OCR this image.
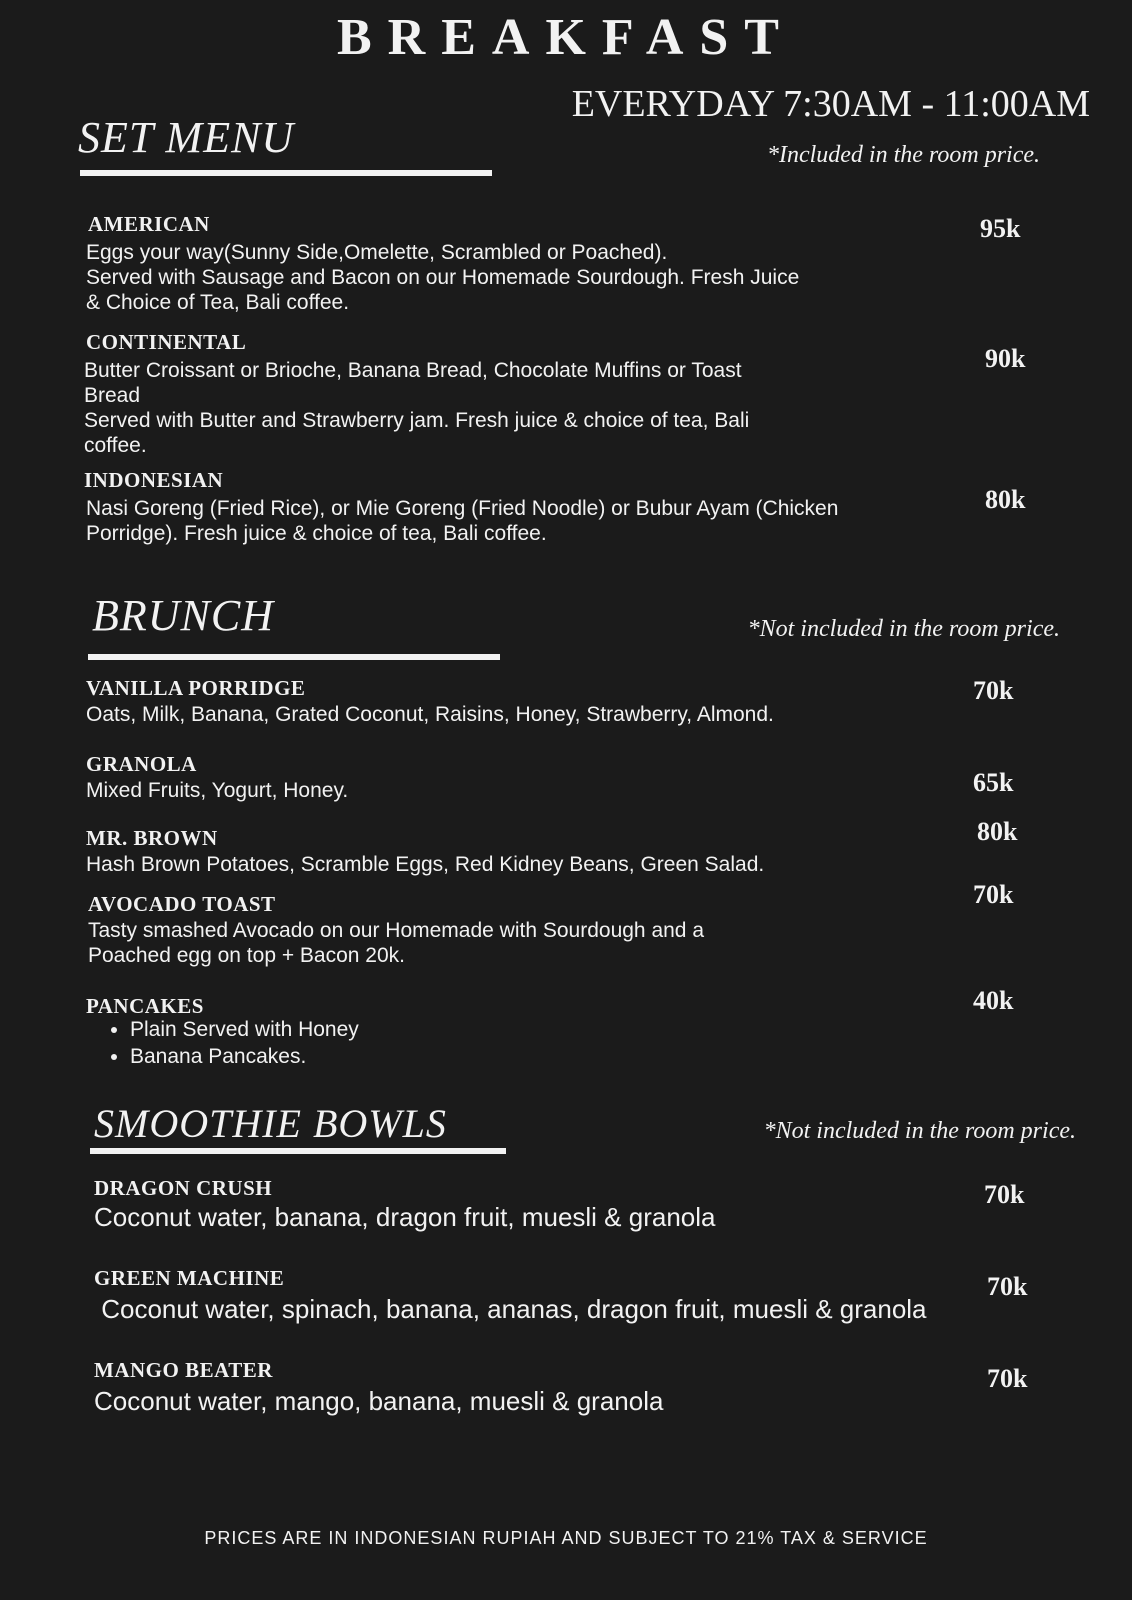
BREAKFAST
EVERYDAY 7:30AM - 11:00AM
SET MENU	*Included in the room price.
AMERICAN
Eggs your way(Sunny Side,Omelette, Scrambled or Poached).
Served with Sausage and Bacon on our Homemade Sourdough. Fresh Juice
& Choice of Tea, Bali coffee.
95k
CONTINENTAL
Butter Croissant or Brioche, Banana Bread, Chocolate Muffins or Toast
Bread
Served with Butter and Strawberry jam. Fresh juice & choice of tea, Bali
coffee.
90k
INDONESIAN
Nasi Goreng (Fried Rice), or Mie Goreng (Fried Noodle) or Bubur Ayam (Chicken
Porridge). Fresh juice & choice of tea, Bali coffee.
80k
BRUNCH	*Not included in the room price.
VANILLA PORRIDGE
Oats, Milk, Banana, Grated Coconut, Raisins, Honey, Strawberry, Almond.
70k
GRANOLA
Mixed Fruits, Yogurt, Honey.	65k
MR. BROWN
Hash Brown Potatoes, Scramble Eggs, Red Kidney Beans, Green Salad.
80k
AVOCADO TOAST
Tasty smashed Avocado on our Homemade with Sourdough and a
Poached egg on top + Bacon 20k.
70k
PANCAKES
• Plain Served with Honey
• Banana Pancakes.
40k
SMOOTHIE BOWLS	*Not included in the room price.
DRAGON CRUSH
Coconut water, banana, dragon fruit, muesli & granola
70k
GREEN MACHINE
Coconut water, spinach, banana, ananas, dragon fruit, muesli & granola
70k
MANGO BEATER
Coconut water, mango, banana, muesli & granola
70k
PRICES ARE IN INDONESIAN RUPIAH AND SUBJECT TO 21% TAX & SERVICE
